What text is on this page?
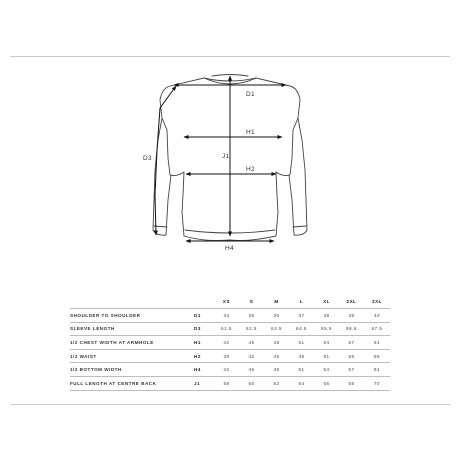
D1
H1
J1
H2
H4
D3
		XS	S	M	L	XL	2XL	3XL
SHOULDER TO SHOULDER	D1	34	35	36	37	38	39	40
SLEEVE LENGTH	D3	61.5	62.5	63.5	64.5	65.5	66.5	67.5
1/2 CHEST WIDTH AT ARMHOLE	H1	42	45	48	51	54	57	61
1/2 WAIST	H2	39	42	45	48	51	55	59
1/2 BOTTOM WIDTH	H4	42	45	48	51	54	57	61
FULL LENGTH AT CENTRE BACK	J1	58	60	62	64	66	68	70
